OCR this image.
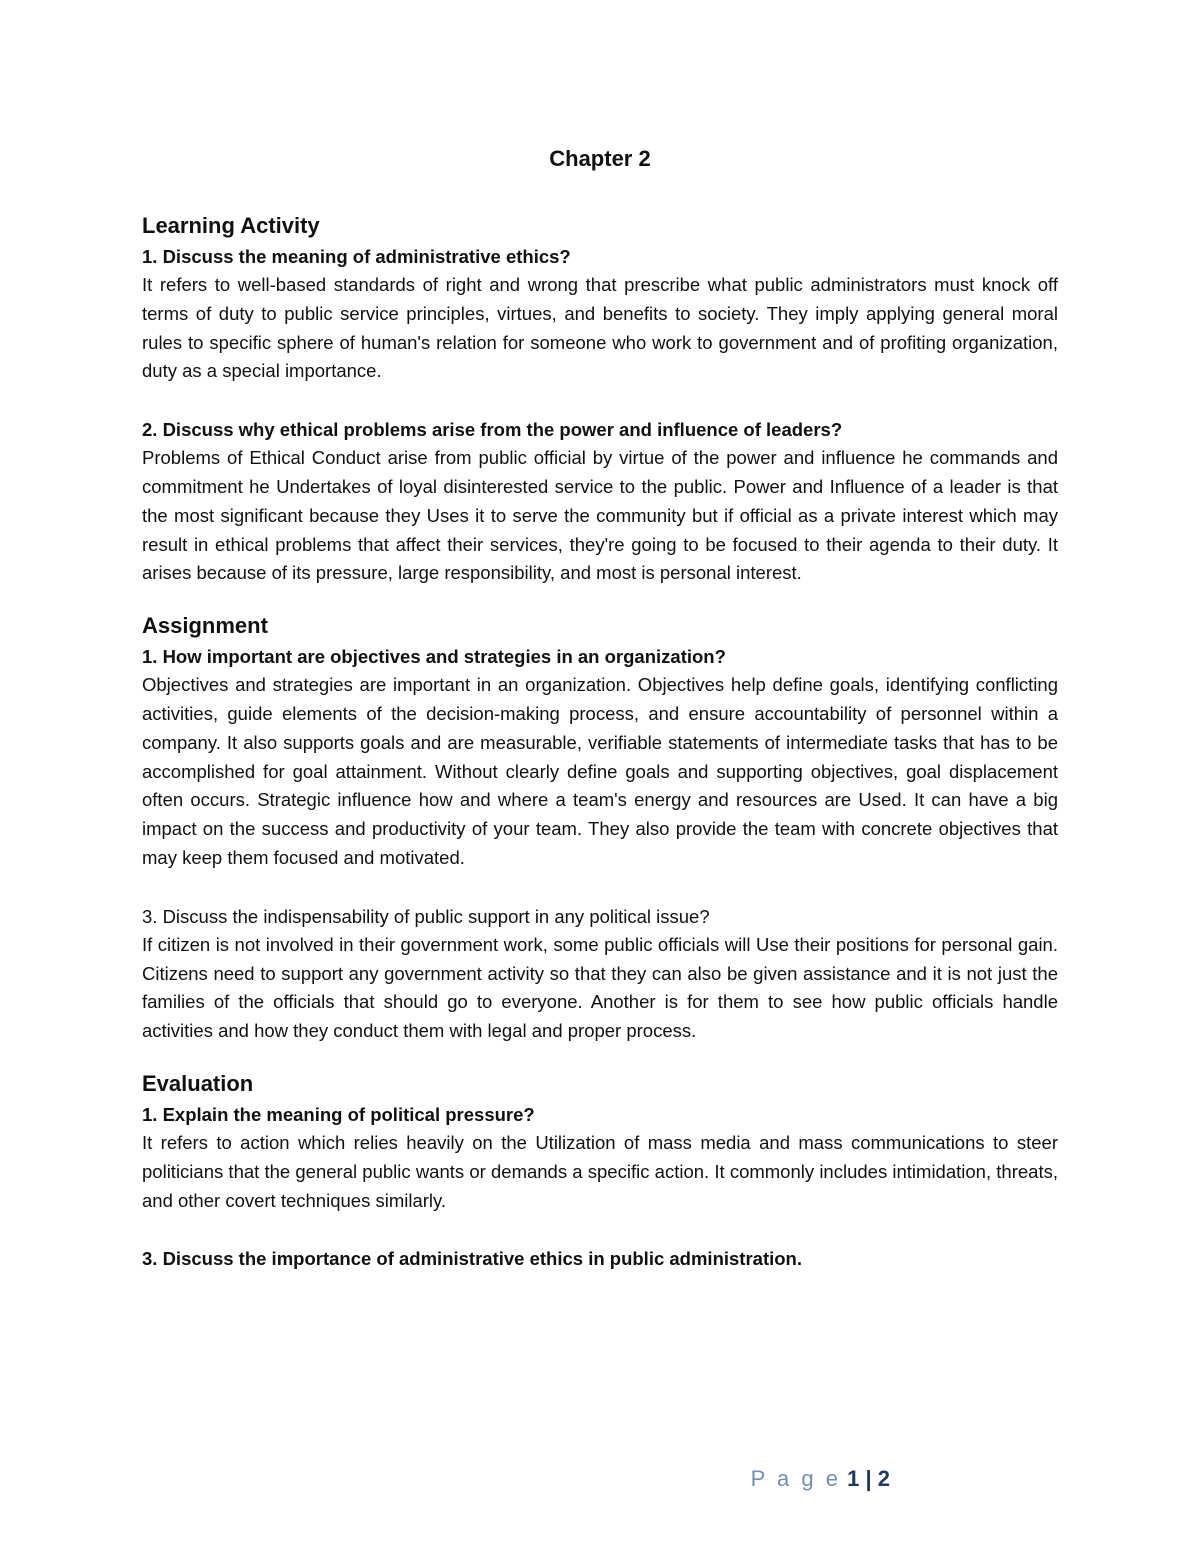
Chapter 2

Learning Activity

1. Discuss the meaning of administrative ethics?

It refers to well-based standards of right and wrong that prescribe what public administrators must knock off terms of duty to public service principles, virtues, and benefits to society. They imply applying general moral rules to specific sphere of human's relation for someone who work to government and of profiting organization, duty as a special importance.

2. Discuss why ethical problems arise from the power and influence of leaders?

Problems of Ethical Conduct arise from public official by virtue of the power and influence he commands and commitment he Undertakes of loyal disinterested service to the public. Power and Influence of a leader is that the most significant because they Uses it to serve the community but if official as a private interest which may result in ethical problems that affect their services, they're going to be focused to their agenda to their duty. It arises because of its pressure, large responsibility, and most is personal interest.

Assignment

1. How important are objectives and strategies in an organization?

Objectives and strategies are important in an organization. Objectives help define goals, identifying conflicting activities, guide elements of the decision-making process, and ensure accountability of personnel within a company. It also supports goals and are measurable, verifiable statements of intermediate tasks that has to be accomplished for goal attainment. Without clearly define goals and supporting objectives, goal displacement often occurs. Strategic influence how and where a team's energy and resources are Used. It can have a big impact on the success and productivity of your team. They also provide the team with concrete objectives that may keep them focused and motivated.

3. Discuss the indispensability of public support in any political issue?

If citizen is not involved in their government work, some public officials will Use their positions for personal gain. Citizens need to support any government activity so that they can also be given assistance and it is not just the families of the officials that should go to everyone. Another is for them to see how public officials handle activities and how they conduct them with legal and proper process.

Evaluation

1. Explain the meaning of political pressure?

It refers to action which relies heavily on the Utilization of mass media and mass communications to steer politicians that the general public wants or demands a specific action. It commonly includes intimidation, threats, and other covert techniques similarly.

3. Discuss the importance of administrative ethics in public administration.

P a g e 1 | 2
